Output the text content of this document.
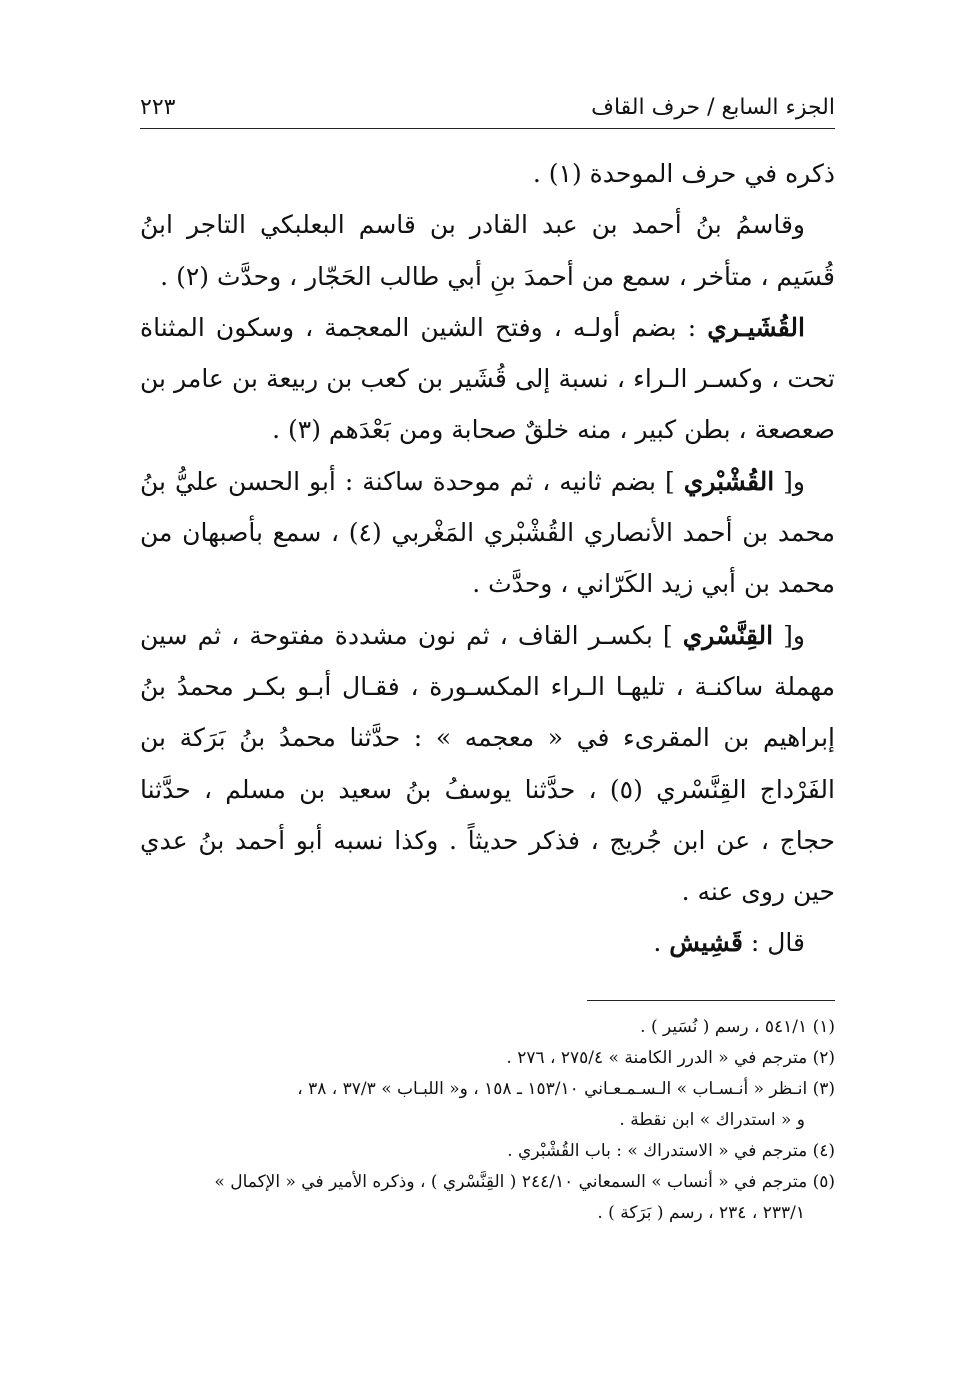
الجزء السابع / حرف القاف
٢٢٣

ذكره في حرف الموحدة (١) .

وقاسمُ بنُ أحمد بن عبد القادر بن قاسم البعلبكي التاجر ابنُ قُسَيم ، متأخر ، سمع من أحمدَ بنِ أبي طالب الحَجّار ، وحدَّث (٢) .

القُشَيـري : بضم أولـه ، وفتح الشين المعجمة ، وسكون المثناة تحت ، وكسـر الـراء ، نسبة إلى قُشَير بن كعب بن ربيعة بن عامر بن صعصعة ، بطن كبير ، منه خلقٌ صحابة ومن بَعْدَهم (٣) .

و[ القُشْبْري ] بضم ثانيه ، ثم موحدة ساكنة : أبو الحسن عليُّ بنُ محمد بن أحمد الأنصاري القُشْبْري المَغْربي (٤) ، سمع بأصبهان من محمد بن أبي زيد الكَرّاني ، وحدَّث .

و[ القِنَّسْري ] بكسـر القاف ، ثم نون مشددة مفتوحة ، ثم سين مهملة ساكنـة ، تليهـا الـراء المكسـورة ، فقـال أبـو بكـر محمدُ بنُ إبراهيم بن المقرىء في « معجمه » : حدَّثنا محمدُ بنُ بَرَكة بن الفَرْداج القِنَّسْري (٥) ، حدَّثنا يوسفُ بنُ سعيد بن مسلم ، حدَّثنا حجاج ، عن ابن جُريج ، فذكر حديثاً . وكذا نسبه أبو أحمد بنُ عدي حين روى عنه .

قال : قَشِيش .

(١) ٥٤١/١ ، رسم ( نُسَير ) .

(٢) مترجم في « الدرر الكامنة » ٢٧٥/٤ ، ٢٧٦ .

(٣) انـظر « أنـسـاب » الـسـمـعـاني ١٥٣/١٠ ـ ١٥٨ ، و« اللبـاب » ٣٧/٣ ، ٣٨ ،

و « استدراك » ابن نقطة .

(٤) مترجم في « الاستدراك » : باب القُشْبْري .

(٥) مترجم في « أنساب » السمعاني ٢٤٤/١٠ ( القِنَّسْري ) ، وذكره الأمير في « الإكمال »

٢٣٣/١ ، ٢٣٤ ، رسم ( بَرَكة ) .
